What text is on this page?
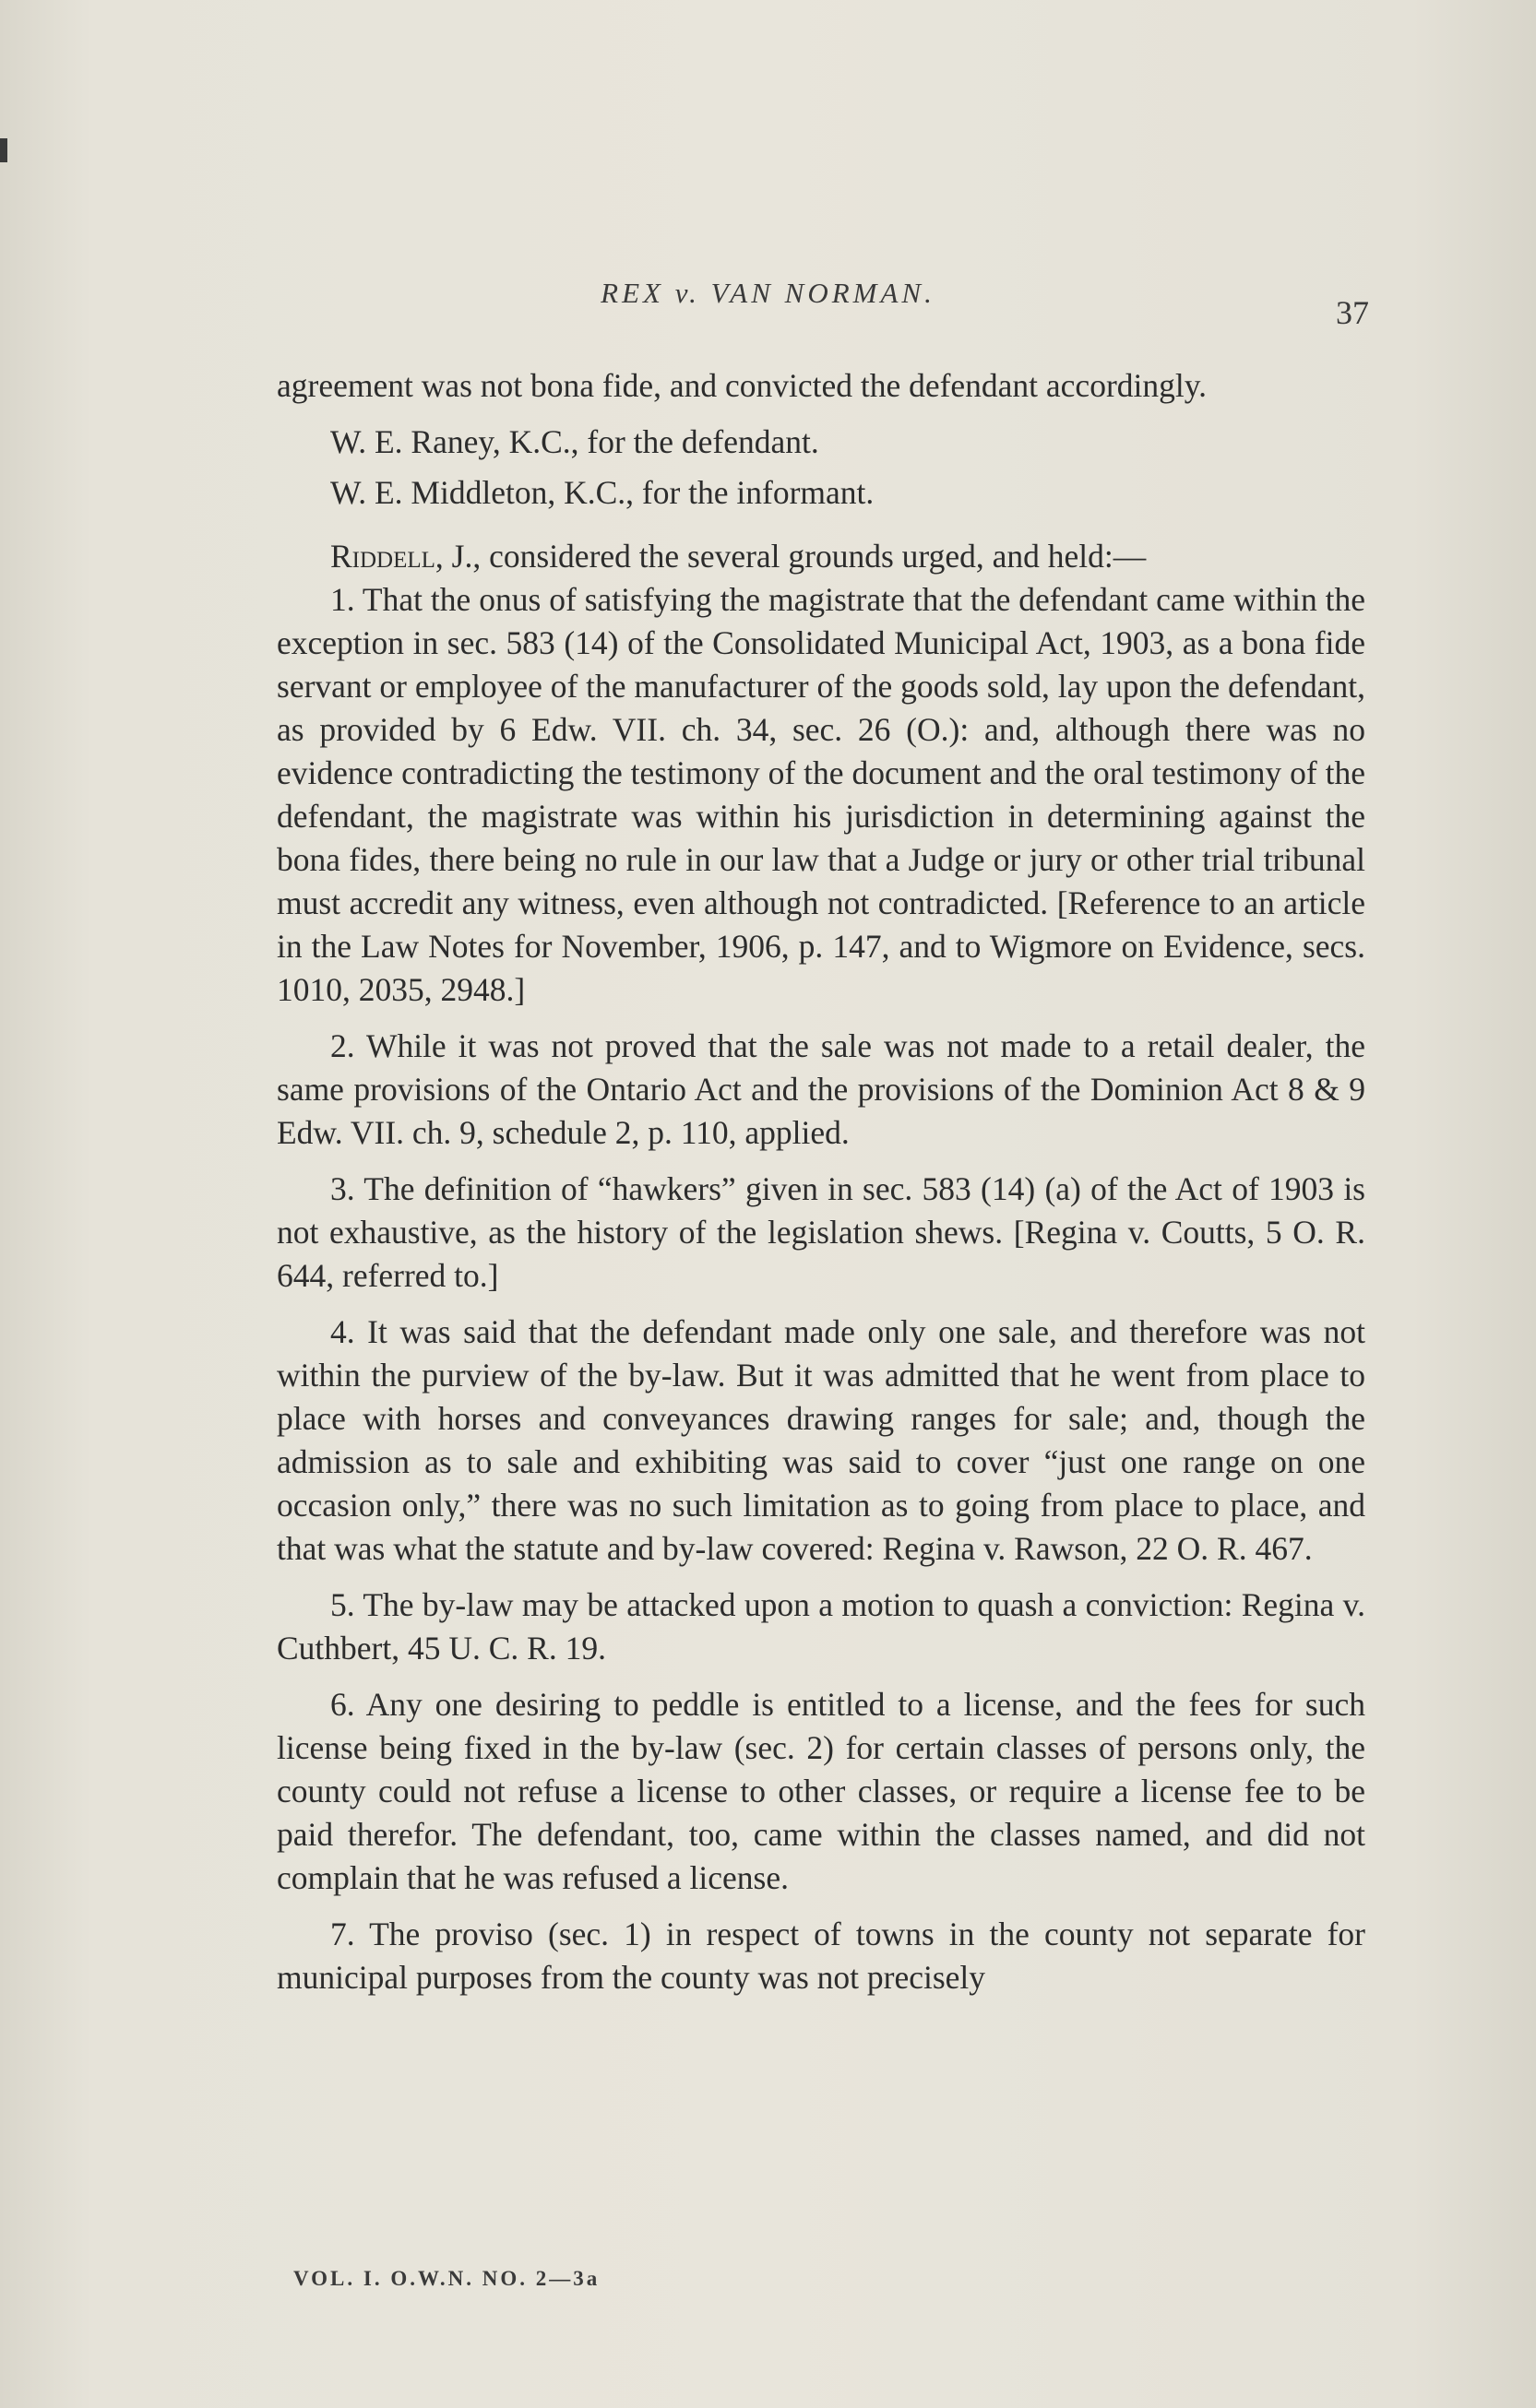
REX v. VAN NORMAN.
37

agreement was not bona fide, and convicted the defendant accordingly.

W. E. Raney, K.C., for the defendant.

W. E. Middleton, K.C., for the informant.

Riddell, J., considered the several grounds urged, and held:—

1. That the onus of satisfying the magistrate that the defendant came within the exception in sec. 583 (14) of the Consolidated Municipal Act, 1903, as a bona fide servant or employee of the manufacturer of the goods sold, lay upon the defendant, as provided by 6 Edw. VII. ch. 34, sec. 26 (O.): and, although there was no evidence contradicting the testimony of the document and the oral testimony of the defendant, the magistrate was within his jurisdiction in determining against the bona fides, there being no rule in our law that a Judge or jury or other trial tribunal must accredit any witness, even although not contradicted. [Reference to an article in the Law Notes for November, 1906, p. 147, and to Wigmore on Evidence, secs. 1010, 2035, 2948.]

2. While it was not proved that the sale was not made to a retail dealer, the same provisions of the Ontario Act and the provisions of the Dominion Act 8 & 9 Edw. VII. ch. 9, schedule 2, p. 110, applied.

3. The definition of “hawkers” given in sec. 583 (14) (a) of the Act of 1903 is not exhaustive, as the history of the legislation shews. [Regina v. Coutts, 5 O. R. 644, referred to.]

4. It was said that the defendant made only one sale, and therefore was not within the purview of the by-law. But it was admitted that he went from place to place with horses and conveyances drawing ranges for sale; and, though the admission as to sale and exhibiting was said to cover “just one range on one occasion only,” there was no such limitation as to going from place to place, and that was what the statute and by-law covered: Regina v. Rawson, 22 O. R. 467.

5. The by-law may be attacked upon a motion to quash a conviction: Regina v. Cuthbert, 45 U. C. R. 19.

6. Any one desiring to peddle is entitled to a license, and the fees for such license being fixed in the by-law (sec. 2) for certain classes of persons only, the county could not refuse a license to other classes, or require a license fee to be paid therefor. The defendant, too, came within the classes named, and did not complain that he was refused a license.

7. The proviso (sec. 1) in respect of towns in the county not separate for municipal purposes from the county was not precisely

VOL. I. O.W.N. NO. 2—3a
